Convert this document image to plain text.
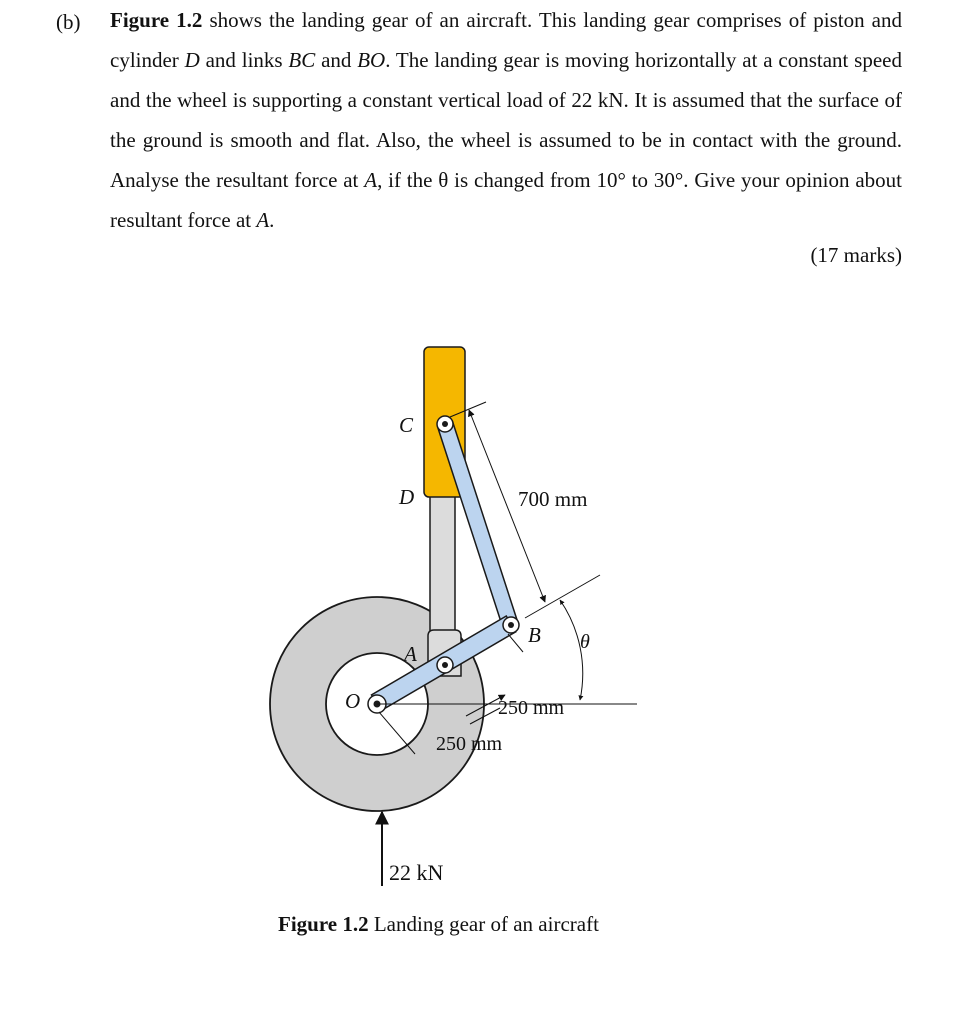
(b) Figure 1.2 shows the landing gear of an aircraft. This landing gear comprises of piston and cylinder D and links BC and BO. The landing gear is moving horizontally at a constant speed and the wheel is supporting a constant vertical load of 22 kN. It is assumed that the surface of the ground is smooth and flat. Also, the wheel is assumed to be in contact with the ground. Analyse the resultant force at A, if the θ is changed from 10° to 30°. Give your opinion about resultant force at A.
(17 marks)
C
D
A
B
O
θ
700 mm
250 mm
250 mm
22 kN
Figure 1.2 Landing gear of an aircraft
